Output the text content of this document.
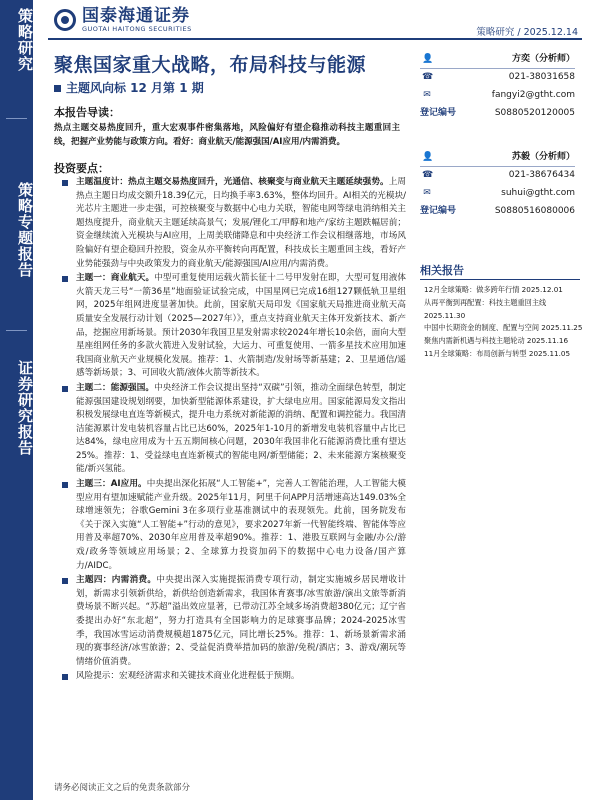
策略研究
策略专题报告
证券研究报告
国泰海通证券
GUOTAI HAITONG SECURITIES	策略研究 / 2025.12.14
聚焦国家重大战略，布局科技与能源
主题风向标 12 月第 1 期
本报告导读：
热点主题交易热度回升，重大宏观事件密集落地，风险偏好有望企稳推动科技主题重回主线，把握产业势能与政策方向。看好：商业航天/能源强国/AI应用/内需消费。
投资要点：

主题温度计：热点主题交易热度回升，光通信、核聚变与商业航天主题延续强势。上周热点主题日均成交额升18.39亿元，日均换手率3.63%，整体均回升。AI相关的光模块/光芯片主题进一步走强，可控核聚变与数据中心电力关联，智能电网等绿电消纳相关主题热度提升，商业航天主题延续高景气；发展/锂化工/甲醇和地产/家纺主题跌幅居前；资金继续流入光模块与AI应用，上周美联储降息和中央经济工作会议相继落地，市场风险偏好有望企稳回升控股，资金从亦平衡转向再配置，科技成长主题重回主线，看好产业势能强劲与中央政策发力的商业航天/能源强国/AI应用/内需消费。

主题一：商业航天。中型可重复使用运载火箭长征十二号甲发射在即，大型可复用液体火箭天龙三号“一箭36星”地面验证试验完成，中国星网已完成16组127颗低轨卫星组网，2025年组网进度显著加快。此前，国家航天局印发《国家航天局推进商业航天高质量安全发展行动计划（2025—2027年）》，重点支持商业航天主体开发新技术、新产品，挖掘应用新场景。预计2030年我国卫星发射需求较2024年增长10余倍，面向大型星座组网任务的多款火箭进入发射试验，大运力、可重复使用、一箭多星技术应用加速我国商业航天产业规模化发展。推荐：1、火箭制造/发射场等新基建；2、卫星通信/遥感等新场景；3、可回收火箭/液体火箭等新技术。

主题二：能源强国。中央经济工作会议提出坚持“双碳”引领，推动全面绿色转型，制定能源强国建设规划纲要，加快新型能源体系建设，扩大绿电应用。国家能源局发文指出积极发展绿电直连等新模式，提升电力系统对新能源的消纳、配置和调控能力。我国清洁能源累计发电装机容量占比已达60%，2025年1-10月的新增发电装机容量中占比已达84%，绿电应用成为十五五期间核心问题，2030年我国非化石能源消费比重有望达25%。推荐：1、受益绿电直连新模式的智能电网/新型储能；2、未来能源方案核聚变能/新兴氢能。

主题三：AI应用。中央提出深化拓展“人工智能+”，完善人工智能治理，人工智能大模型应用有望加速赋能产业升级。2025年11月，阿里千问APP月活增速高达149.03%全球增速领先；谷歌Gemini 3在多项行业基准测试中的表现领先。此前，国务院发布《关于深入实施“人工智能+”行动的意见》，要求2027年新一代智能终端、智能体等应用普及率超70%、2030年应用普及率超90%。推荐：1、港股互联网与金融/办公/游戏/政务等领域应用场景；2、全球算力投资加码下的数据中心电力设备/国产算力/AIDC。

主题四：内需消费。中央提出深入实施提振消费专项行动，制定实施城乡居民增收计划，新需求引领新供给，新供给创造新需求，我国体育赛事/冰雪旅游/演出文旅等新消费场景不断兴起。“苏超”溢出效应显著，已带动江苏全域多场消费超380亿元；辽宁省委提出办好“东北超”，努力打造具有全国影响力的足球赛事品牌；2024-2025冰雪季，我国冰雪运动消费规模超1875亿元，同比增长25%。推荐：1、新场景新需求涌现的赛事经济/冰雪旅游；2、受益促消费举措加码的旅游/免税/酒店；3、游戏/潮玩等情绪价值消费。

风险提示：宏观经济需求和关键技术商业化进程低于预期。

请务必阅读正文之后的免责条款部分
👤	方奕（分析师）
☎	021-38031658
✉	fangyi2@gtht.com
登记编号	S0880520120005
👤	苏毅（分析师）
☎	021-38676434
✉	suhui@gtht.com
登记编号	S0880516080006
相关报告
12月全球策略：做多跨年行情 2025.12.01
从再平衡到再配置：科技主题重回主线
2025.11.30
中国中长期资金的制度、配置与空间 2025.11.25
聚焦内需新机遇与科技主题轮动 2025.11.16
11月全球策略：布局创新与转型 2025.11.05
